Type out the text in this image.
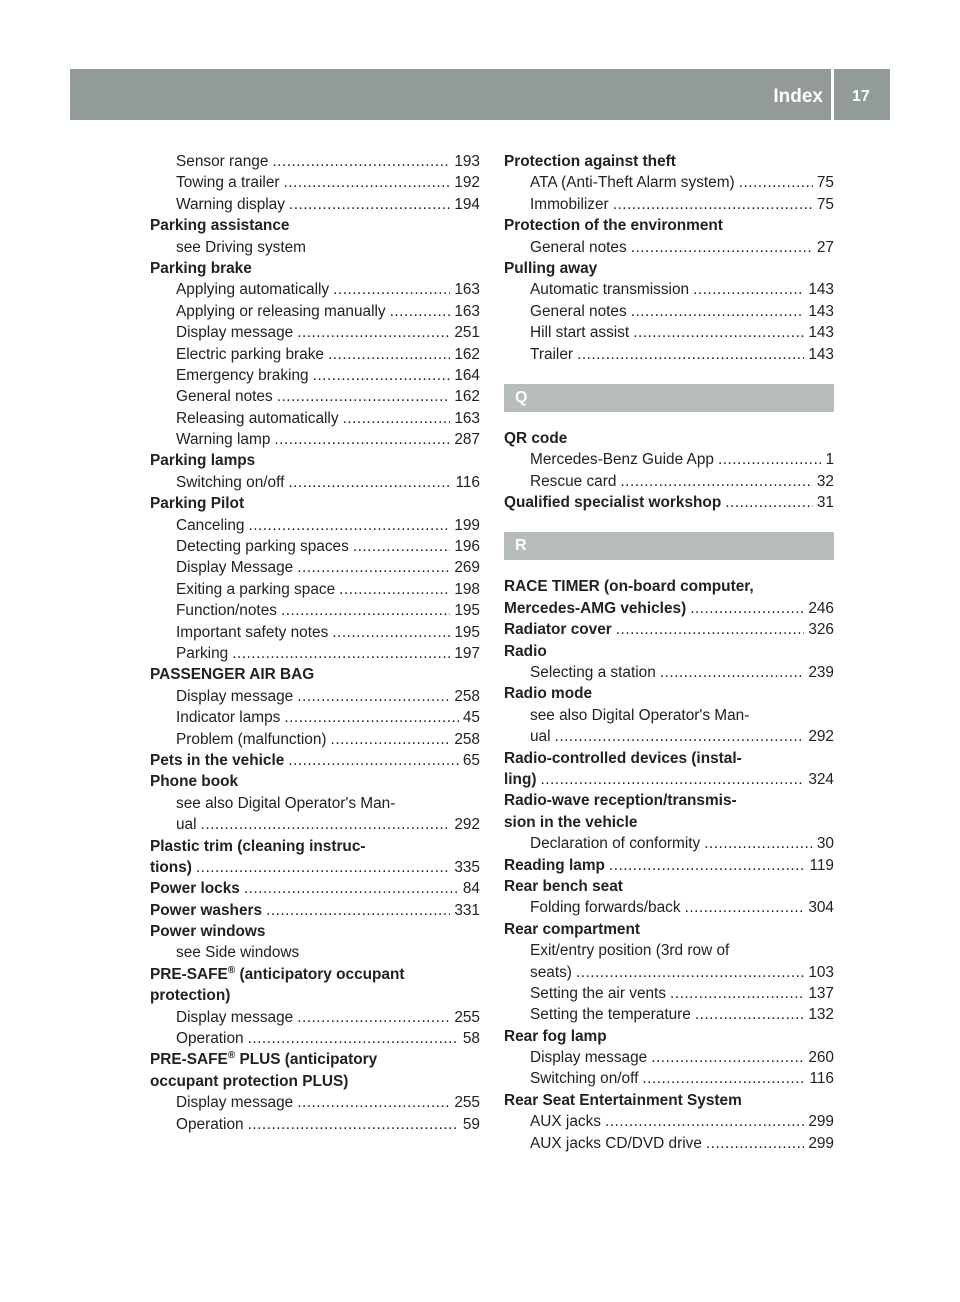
Index 17
Sensor range .....	193
Towing a trailer .....	192
Warning display .....	194
Parking assistance
see Driving system
Parking brake
Applying automatically .....	163
Applying or releasing manually .....	163
Display message .....	251
Electric parking brake .....	162
Emergency braking .....	164
General notes .....	162
Releasing automatically .....	163
Warning lamp .....	287
Parking lamps
Switching on/off .....	116
Parking Pilot
Canceling .....	199
Detecting parking spaces .....	196
Display Message .....	269
Exiting a parking space .....	198
Function/notes .....	195
Important safety notes .....	195
Parking .....	197
PASSENGER AIR BAG
Display message .....	258
Indicator lamps .....	45
Problem (malfunction) .....	258
Pets in the vehicle .....	65
Phone book
see also Digital Operator's Man-
ual .....	292
Plastic trim (cleaning instruc-
tions) .....	335
Power locks .....	84
Power washers .....	331
Power windows
see Side windows
PRE-SAFE® (anticipatory occupant
protection)
Display message .....	255
Operation .....	58
PRE-SAFE® PLUS (anticipatory
occupant protection PLUS)
Display message .....	255
Operation .....	59
Protection against theft
ATA (Anti-Theft Alarm system) .....	75
Immobilizer .....	75
Protection of the environment
General notes .....	27
Pulling away
Automatic transmission .....	143
General notes .....	143
Hill start assist .....	143
Trailer .....	143
Q
QR code
Mercedes-Benz Guide App .....	1
Rescue card .....	32
Qualified specialist workshop .....	31
R
RACE TIMER (on-board computer,
Mercedes-AMG vehicles) .....	246
Radiator cover .....	326
Radio
Selecting a station .....	239
Radio mode
see also Digital Operator's Man-
ual .....	292
Radio-controlled devices (instal-
ling) .....	324
Radio-wave reception/transmis-
sion in the vehicle
Declaration of conformity .....	30
Reading lamp .....	119
Rear bench seat
Folding forwards/back .....	304
Rear compartment
Exit/entry position (3rd row of
seats) .....	103
Setting the air vents .....	137
Setting the temperature .....	132
Rear fog lamp
Display message .....	260
Switching on/off .....	116
Rear Seat Entertainment System
AUX jacks .....	299
AUX jacks CD/DVD drive .....	299
